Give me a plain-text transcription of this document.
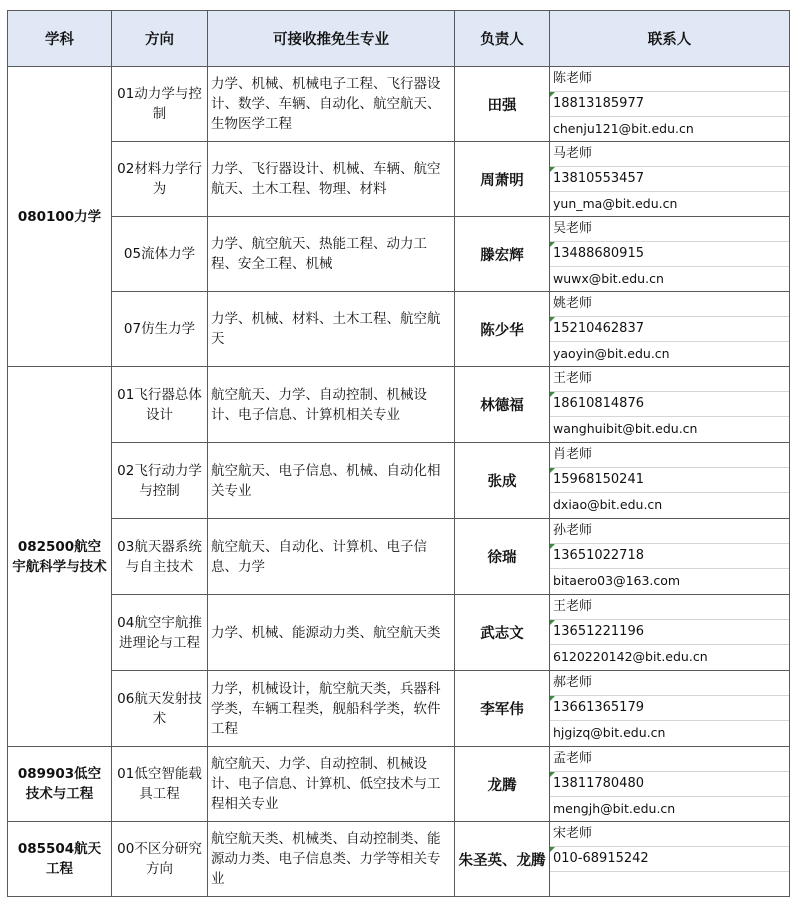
学科	方向	可接收推免生专业	负责人	联系人
080100力学	01动力学与控制	力学、机械、机械电子工程、飞行器设计、数学、车辆、自动化、航空航天、生物医学工程	田强	陈老师
18813185977
chenju121@bit.edu.cn

	02材料力学行为	力学、飞行器设计、机械、车辆、航空航天、土木工程、物理、材料	周萧明	马老师
13810553457
yun_ma@bit.edu.cn

	05流体力学	力学、航空航天、热能工程、动力工程、安全工程、机械	滕宏辉	吴老师
13488680915
wuwx@bit.edu.cn

	07仿生力学	力学、机械、材料、土木工程、航空航天	陈少华	姚老师
15210462837
yaoyin@bit.edu.cn

082500航空宇航科学与技术	01飞行器总体设计	航空航天、力学、自动控制、机械设计、电子信息、计算机相关专业	林德福	王老师
18610814876
wanghuibit@bit.edu.cn

	02飞行动力学与控制	航空航天、电子信息、机械、自动化相关专业	张成	肖老师
15968150241
dxiao@bit.edu.cn

	03航天器系统与自主技术	航空航天、自动化、计算机、电子信息、力学	徐瑞	孙老师
13651022718
bitaero03@163.com

	04航空宇航推进理论与工程	力学、机械、能源动力类、航空航天类	武志文	王老师
13651221196
6120220142@bit.edu.cn

	06航天发射技术	力学，机械设计，航空航天类，兵器科学类，车辆工程类，舰船科学类，软件工程	李军伟	郝老师
13661365179
hjgizq@bit.edu.cn

089903低空技术与工程	01低空智能载具工程	航空航天、力学、自动控制、机械设计、电子信息、计算机、低空技术与工程相关专业	龙腾	孟老师
13811780480
mengjh@bit.edu.cn

085504航天工程	00不区分研究方向	航空航天类、机械类、自动控制类、能源动力类、电子信息类、力学等相关专业	朱圣英、龙腾	宋老师
010-68915242
